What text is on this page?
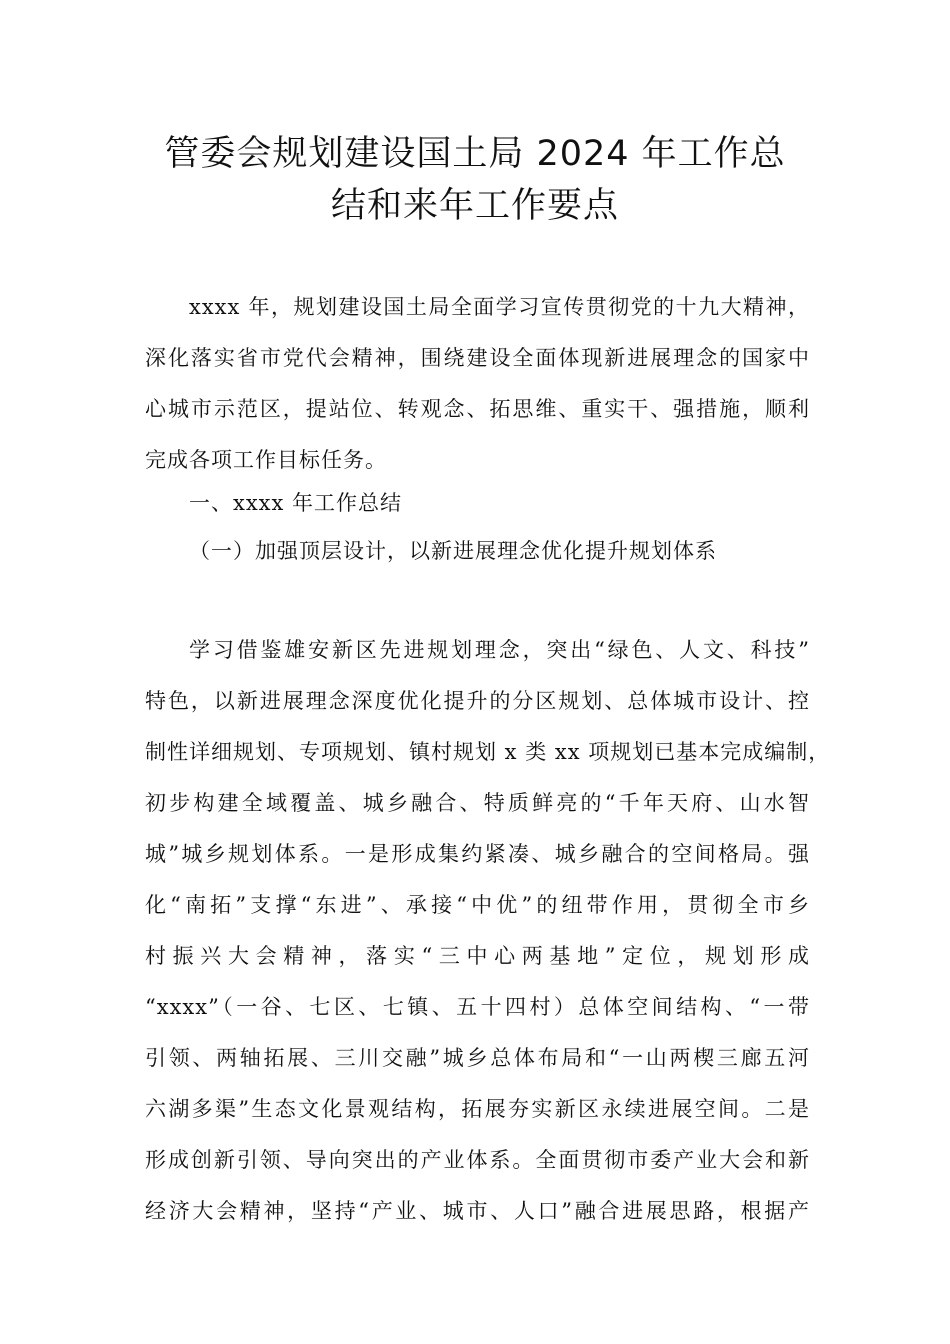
管委会规划建设国土局 2024 年工作总
结和来年工作要点
xxxx 年，规划建设国土局全面学习宣传贯彻党的十九大精神，
深化落实省市党代会精神，围绕建设全面体现新进展理念的国家中
心城市示范区，提站位、转观念、拓思维、重实干、强措施，顺利
完成各项工作目标任务。
一、xxxx 年工作总结
（一）加强顶层设计，以新进展理念优化提升规划体系
学习借鉴雄安新区先进规划理念，突出“绿色、人文、科技”
特色，以新进展理念深度优化提升的分区规划、总体城市设计、控
制性详细规划、专项规划、镇村规划 x 类 xx 项规划已基本完成编制，
初步构建全域覆盖、城乡融合、特质鲜亮的“千年天府、山水智
城”城乡规划体系。一是形成集约紧凑、城乡融合的空间格局。强
化“南拓”支撑“东进”、承接“中优”的纽带作用，贯彻全市乡
村振兴大会精神，落实“三中心两基地”定位，规划形成
“xxxx”（一谷、七区、七镇、五十四村）总体空间结构、“一带
引领、两轴拓展、三川交融”城乡总体布局和“一山两楔三廊五河
六湖多渠”生态文化景观结构，拓展夯实新区永续进展空间。二是
形成创新引领、导向突出的产业体系。全面贯彻市委产业大会和新
经济大会精神，坚持“产业、城市、人口”融合进展思路，根据产
